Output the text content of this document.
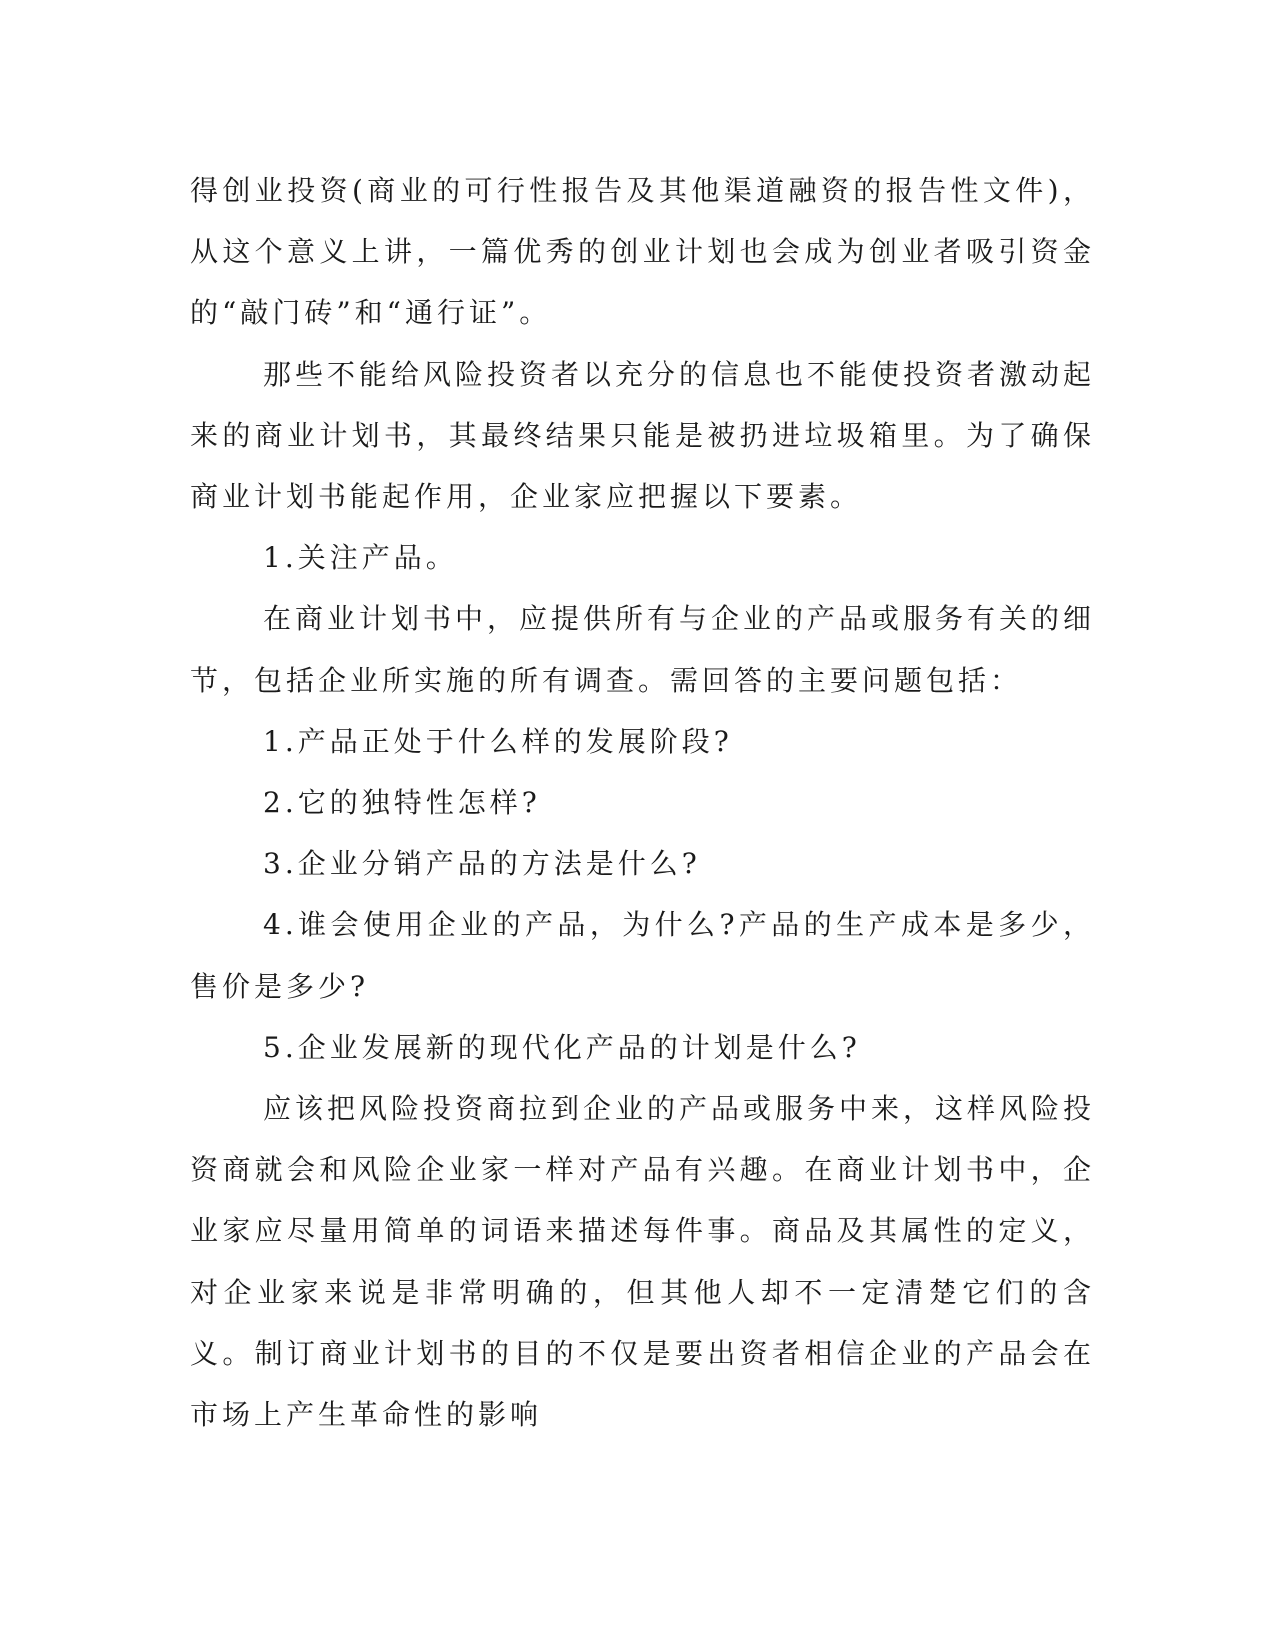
得创业投资(商业的可行性报告及其他渠道融资的报告性文件)，从这个意义上讲，一篇优秀的创业计划也会成为创业者吸引资金的“敲门砖”和“通行证”。

那些不能给风险投资者以充分的信息也不能使投资者激动起来的商业计划书，其最终结果只能是被扔进垃圾箱里。为了确保商业计划书能起作用，企业家应把握以下要素。

1.关注产品。

在商业计划书中，应提供所有与企业的产品或服务有关的细节，包括企业所实施的所有调查。需回答的主要问题包括：

1.产品正处于什么样的发展阶段?

2.它的独特性怎样?

3.企业分销产品的方法是什么?

4.谁会使用企业的产品，为什么?产品的生产成本是多少，售价是多少?

5.企业发展新的现代化产品的计划是什么?

应该把风险投资商拉到企业的产品或服务中来，这样风险投资商就会和风险企业家一样对产品有兴趣。在商业计划书中，企业家应尽量用简单的词语来描述每件事。商品及其属性的定义，对企业家来说是非常明确的，但其他人却不一定清楚它们的含义。制订商业计划书的目的不仅是要出资者相信企业的产品会在市场上产生革命性的影响
